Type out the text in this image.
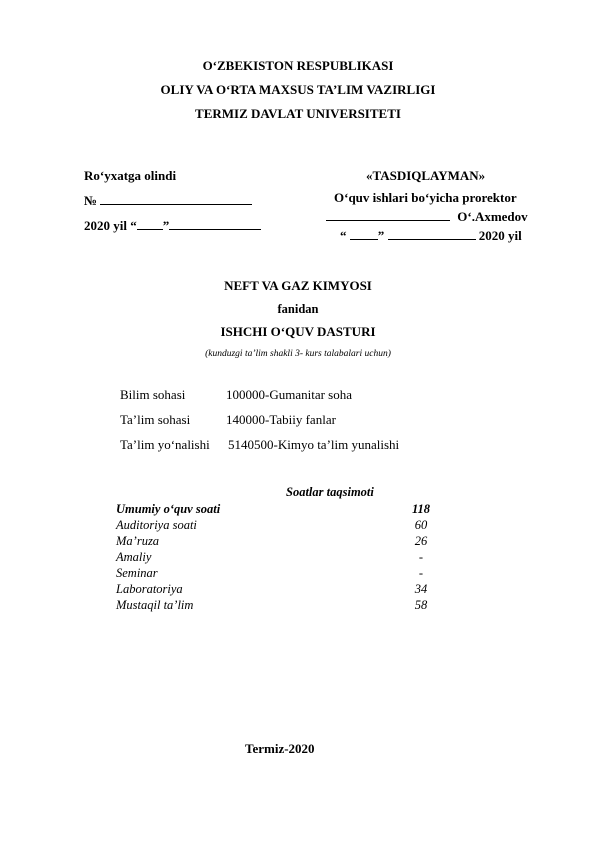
O‘ZBEKISTON RESPUBLIKASI
OLIY VA O‘RTA MAXSUS TA’LIM VAZIRLIGI
TERMIZ DAVLAT UNIVERSITETI
Ro‘yxatga olindi
№
2020 yil “ ”
«TASDIQLAYMAN»
O‘quv ishlari bo‘yicha prorektor
O‘.Axmedov
“ ”	2020 yil
NEFT VA GAZ KIMYOSI
fanidan
ISHCHI O‘QUV DASTURI
(kunduzgi ta’lim shakli 3- kurs talabalari uchun)
Bilim sohasi	100000-Gumanitar soha
Ta’lim sohasi	140000-Tabiiy fanlar
Ta’lim yo‘nalishi 5140500-Kimyo ta’lim yunalishi
Soatlar taqsimoti
Umumiy o‘quv soati	118
Auditoriya soati	60
Ma’ruza	26
Amaliy	-
Seminar	-
Laboratoriya	34
Mustaqil ta’lim	58
Termiz-2020
